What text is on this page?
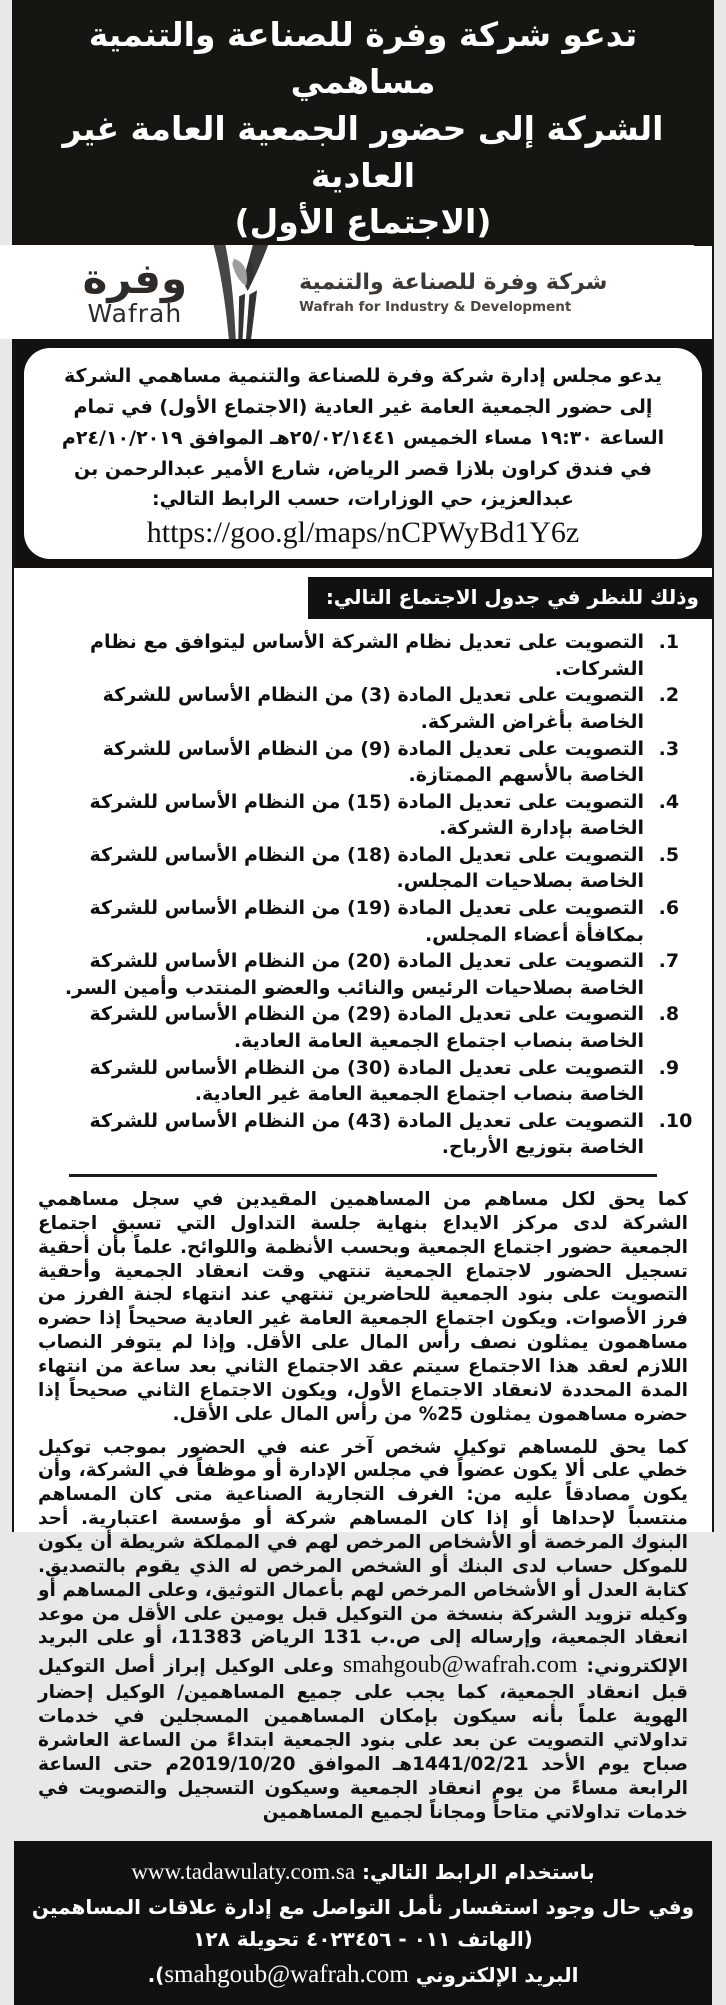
تدعو شركة وفرة للصناعة والتنمية مساهمي

الشركة إلى حضور الجمعية العامة غير العادية

(الاجتماع الأول)

وفرة
Wafrah
شركة وفرة للصناعة والتنمية
Wafrah for Industry & Development

يدعو مجلس إدارة شركة وفرة للصناعة والتنمية مساهمي الشركة إلى حضور الجمعية العامة غير العادية (الاجتماع الأول) في تمام الساعة ١٩:٣٠ مساء الخميس ٢٥/٠٢/١٤٤١هـ الموافق ٢٤/١٠/٢٠١٩م في فندق كراون بلازا قصر الرياض، شارع الأمير عبدالرحمن بن عبدالعزيز، حي الوزارات، حسب الرابط التالي:

https://goo.gl/maps/nCPWyBd1Y6z
وذلك للنظر في جدول الاجتماع التالي:
1. التصويت على تعديل نظام الشركة الأساس ليتوافق مع نظام الشركات.
2. التصويت على تعديل المادة (3) من النظام الأساس للشركة الخاصة بأغراض الشركة.
3. التصويت على تعديل المادة (9) من النظام الأساس للشركة الخاصة بالأسهم الممتازة.
4. التصويت على تعديل المادة (15) من النظام الأساس للشركة الخاصة بإدارة الشركة.
5. التصويت على تعديل المادة (18) من النظام الأساس للشركة الخاصة بصلاحيات المجلس.
6. التصويت على تعديل المادة (19) من النظام الأساس للشركة بمكافأة أعضاء المجلس.
7. التصويت على تعديل المادة (20) من النظام الأساس للشركة الخاصة بصلاحيات الرئيس والنائب والعضو المنتدب وأمين السر.
8. التصويت على تعديل المادة (29) من النظام الأساس للشركة الخاصة بنصاب اجتماع الجمعية العامة العادية.
9. التصويت على تعديل المادة (30) من النظام الأساس للشركة الخاصة بنصاب اجتماع الجمعية العامة غير العادية.
10. التصويت على تعديل المادة (43) من النظام الأساس للشركة الخاصة بتوزيع الأرباح.

كما يحق لكل مساهم من المساهمين المقيدين في سجل مساهمي الشركة لدى مركز الايداع بنهاية جلسة التداول التي تسبق اجتماع الجمعية حضور اجتماع الجمعية وبحسب الأنظمة واللوائح. علماً بأن أحقية تسجيل الحضور لاجتماع الجمعية تنتهي وقت انعقاد الجمعية وأحقية التصويت على بنود الجمعية للحاضرين تنتهي عند انتهاء لجنة الفرز من فرز الأصوات. ويكون اجتماع الجمعية العامة غير العادية صحيحاً إذا حضره مساهمون يمثلون نصف رأس المال على الأقل. وإذا لم يتوفر النصاب اللازم لعقد هذا الاجتماع سيتم عقد الاجتماع الثاني بعد ساعة من انتهاء المدة المحددة لانعقاد الاجتماع الأول، ويكون الاجتماع الثاني صحيحاً إذا حضره مساهمون يمثلون 25% من رأس المال على الأقل.

كما يحق للمساهم توكيل شخص آخر عنه في الحضور بموجب توكيل خطي على ألا يكون عضواً في مجلس الإدارة أو موظفاً في الشركة، وأن يكون مصادقاً عليه من: الغرف التجارية الصناعية متى كان المساهم منتسباً لإحداها أو إذا كان المساهم شركة أو مؤسسة اعتبارية. أحد البنوك المرخصة أو الأشخاص المرخص لهم في المملكة شريطة أن يكون للموكل حساب لدى البنك أو الشخص المرخص له الذي يقوم بالتصديق. كتابة العدل أو الأشخاص المرخص لهم بأعمال التوثيق، وعلى المساهم أو وكيله تزويد الشركة بنسخة من التوكيل قبل يومين على الأقل من موعد انعقاد الجمعية، وإرساله إلى ص.ب 131 الرياض 11383، أو على البريد الإلكتروني: smahgoub@wafrah.com وعلى الوكيل إبراز أصل التوكيل قبل انعقاد الجمعية، كما يجب على جميع المساهمين/ الوكيل إحضار الهوية علماً بأنه سيكون بإمكان المساهمين المسجلين في خدمات تداولاتي التصويت عن بعد على بنود الجمعية ابتداءً من الساعة العاشرة صباح يوم الأحد 1441/02/21هـ الموافق 2019/10/20م حتى الساعة الرابعة مساءً من يوم انعقاد الجمعية وسيكون التسجيل والتصويت في خدمات تداولاتي متاحاً ومجاناً لجميع المساهمين

باستخدام الرابط التالي: www.tadawulaty.com.sa

وفي حال وجود استفسار نأمل التواصل مع إدارة علاقات المساهمين

(الهاتف ٠١١ - ٤٠٢٣٤٥٦ تحويلة ١٢٨

البريد الإلكتروني smahgoub@wafrah.com).
